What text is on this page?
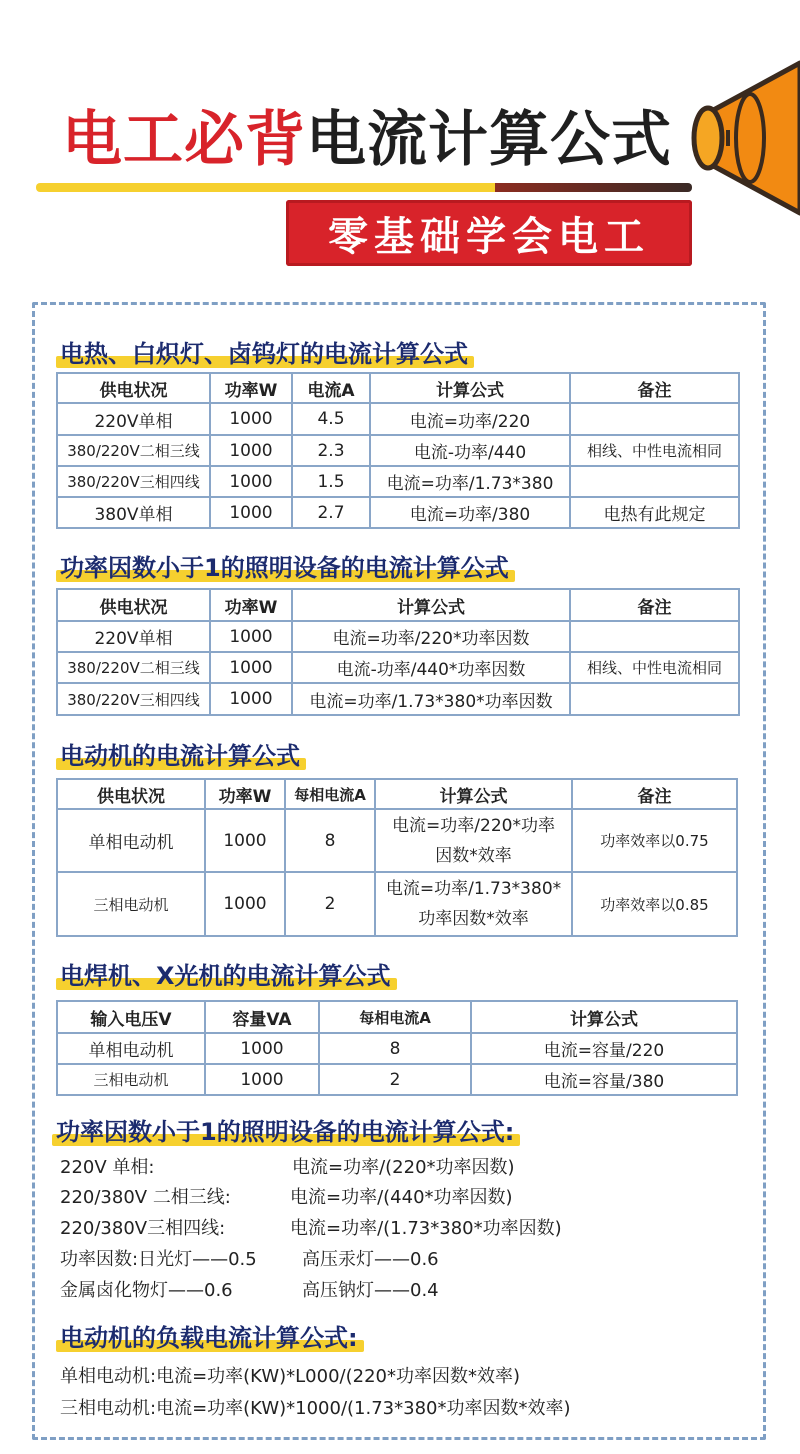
电工必背电流计算公式
零基础学会电工
电热、白炽灯、卤钨灯的电流计算公式
供电状况	功率W	电流A	计算公式	备注
220V单相	1000	4.5	电流=功率/220	
380/220V二相三线	1000	2.3	电流-功率/440	相线、中性电流相同
380/220V三相四线	1000	1.5	电流=功率/1.73*380	
380V单相	1000	2.7	电流=功率/380	电热有此规定
功率因数小于1的照明设备的电流计算公式
供电状况	功率W	计算公式	备注
220V单相	1000	电流=功率/220*功率因数	
380/220V二相三线	1000	电流-功率/440*功率因数	相线、中性电流相同
380/220V三相四线	1000	电流=功率/1.73*380*功率因数	
电动机的电流计算公式
供电状况	功率W	每相电流A	计算公式	备注
单相电动机	1000	8	电流=功率/220*功率因数*效率	功率效率以0.75
三相电动机	1000	2	电流=功率/1.73*380*功率因数*效率	功率效率以0.85
电焊机、X光机的电流计算公式
输入电压V	容量VA	每相电流A	计算公式
单相电动机	1000	8	电流=容量/220
三相电动机	1000	2	电流=容量/380
功率因数小于1的照明设备的电流计算公式:
220V 单相:	电流=功率/(220*功率因数)
220/380V 二相三线:	电流=功率/(440*功率因数)
220/380V三相四线:	电流=功率/(1.73*380*功率因数)
功率因数:日光灯——0.5	高压汞灯——0.6
金属卤化物灯——0.6	高压钠灯——0.4
电动机的负载电流计算公式:
单相电动机:电流=功率(KW)*L000/(220*功率因数*效率)
三相电动机:电流=功率(KW)*1000/(1.73*380*功率因数*效率)
